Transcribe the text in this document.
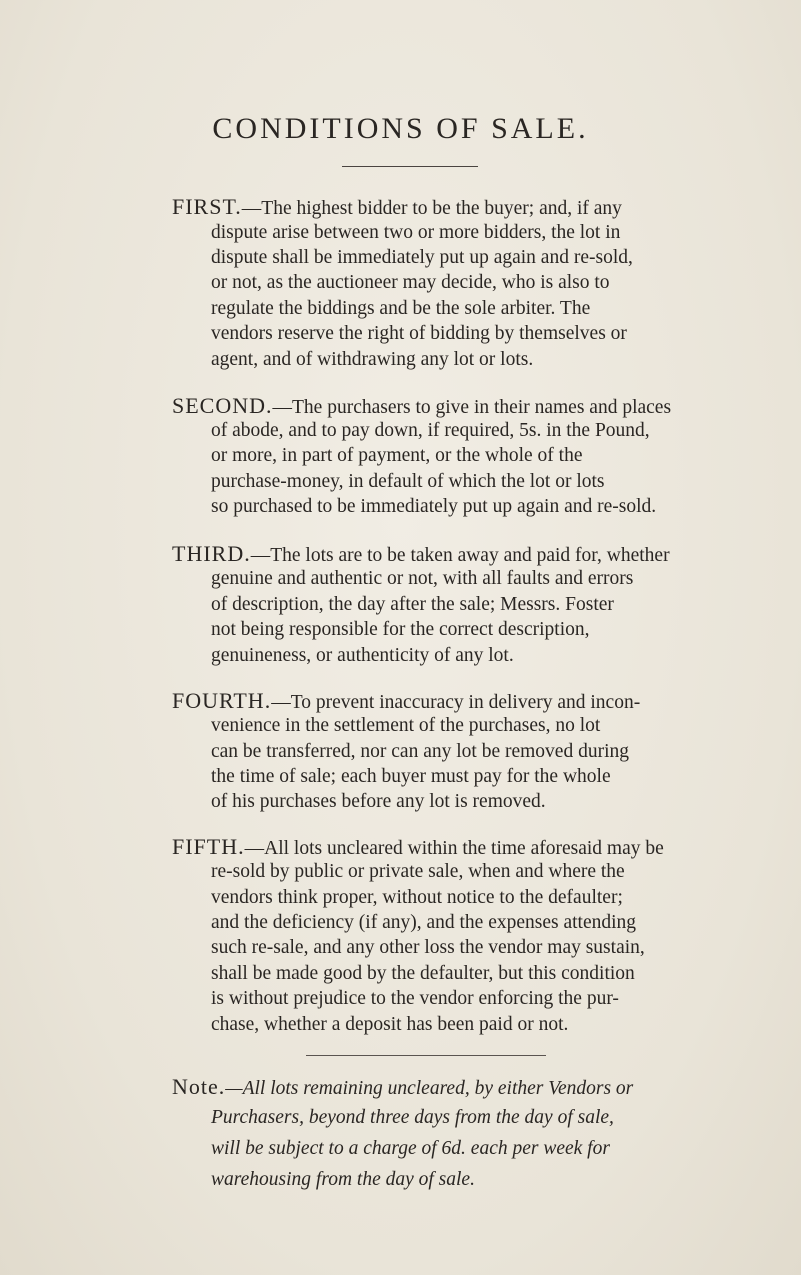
CONDITIONS OF SALE.
FIRST.—The highest bidder to be the buyer; and, if any
dispute arise between two or more bidders, the lot in
dispute shall be immediately put up again and re-sold,
or not, as the auctioneer may decide, who is also to
regulate the biddings and be the sole arbiter. The
vendors reserve the right of bidding by themselves or
agent, and of withdrawing any lot or lots.
SECOND.—The purchasers to give in their names and places
of abode, and to pay down, if required, 5s. in the Pound,
or more, in part of payment, or the whole of the
purchase-money, in default of which the lot or lots
so purchased to be immediately put up again and re-sold.
THIRD.—The lots are to be taken away and paid for, whether
genuine and authentic or not, with all faults and errors
of description, the day after the sale; Messrs. Foster
not being responsible for the correct description,
genuineness, or authenticity of any lot.
FOURTH.—To prevent inaccuracy in delivery and incon-
venience in the settlement of the purchases, no lot
can be transferred, nor can any lot be removed during
the time of sale; each buyer must pay for the whole
of his purchases before any lot is removed.
FIFTH.—All lots uncleared within the time aforesaid may be
re-sold by public or private sale, when and where the
vendors think proper, without notice to the defaulter;
and the deficiency (if any), and the expenses attending
such re-sale, and any other loss the vendor may sustain,
shall be made good by the defaulter, but this condition
is without prejudice to the vendor enforcing the pur-
chase, whether a deposit has been paid or not.
Note.—All lots remaining uncleared, by either Vendors or
Purchasers, beyond three days from the day of sale,
will be subject to a charge of 6d. each per week for
warehousing from the day of sale.
